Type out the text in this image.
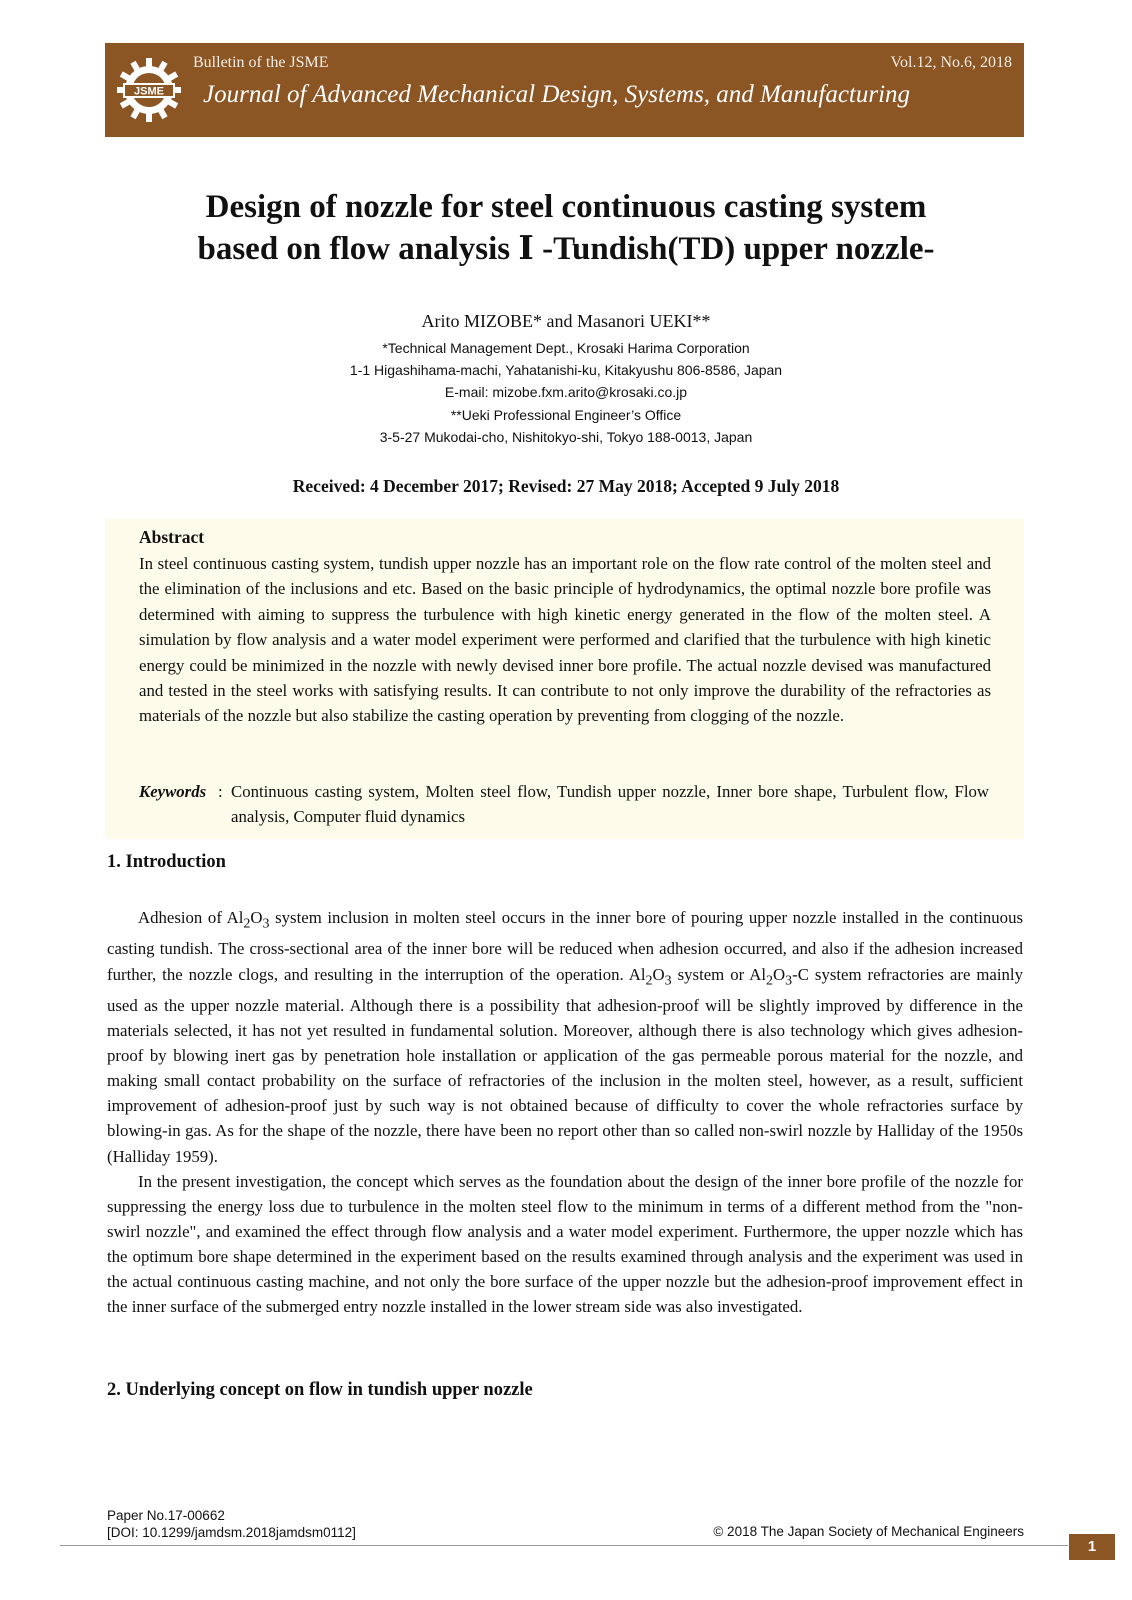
JSME
Bulletin of the JSME	Vol.12, No.6, 2018
Journal of Advanced Mechanical Design, Systems, and Manufacturing
Design of nozzle for steel continuous casting system
based on flow analysis Ⅰ -Tundish(TD) upper nozzle-
Arito MIZOBE* and Masanori UEKI**
*Technical Management Dept., Krosaki Harima Corporation
1-1 Higashihama-machi, Yahatanishi-ku, Kitakyushu 806-8586, Japan
E-mail: mizobe.fxm.arito@krosaki.co.jp
**Ueki Professional Engineer’s Office
3-5-27 Mukodai-cho, Nishitokyo-shi, Tokyo 188-0013, Japan
Received: 4 December 2017; Revised: 27 May 2018; Accepted 9 July 2018
Abstract

In steel continuous casting system, tundish upper nozzle has an important role on the flow rate control of the molten steel and the elimination of the inclusions and etc. Based on the basic principle of hydrodynamics, the optimal nozzle bore profile was determined with aiming to suppress the turbulence with high kinetic energy generated in the flow of the molten steel. A simulation by flow analysis and a water model experiment were performed and clarified that the turbulence with high kinetic energy could be minimized in the nozzle with newly devised inner bore profile. The actual nozzle devised was manufactured and tested in the steel works with satisfying results. It can contribute to not only improve the durability of the refractories as materials of the nozzle but also stabilize the casting operation by preventing from clogging of the nozzle.

Keywords : Continuous casting system, Molten steel flow, Tundish upper nozzle, Inner bore shape, Turbulent flow, Flow analysis, Computer fluid dynamics

1. Introduction

Adhesion of $Al_2O_3$ system inclusion in molten steel occurs in the inner bore of pouring upper nozzle installed in the continuous casting tundish. The cross-sectional area of the inner bore will be reduced when adhesion occurred, and also if the adhesion increased further, the nozzle clogs, and resulting in the interruption of the operation. $Al_2O_3$ system or $Al_2O_3-C$ system refractories are mainly used as the upper nozzle material. Although there is a possibility that adhesion-proof will be slightly improved by difference in the materials selected, it has not yet resulted in fundamental solution. Moreover, although there is also technology which gives adhesion-proof by blowing inert gas by penetration hole installation or application of the gas permeable porous material for the nozzle, and making small contact probability on the surface of refractories of the inclusion in the molten steel, however, as a result, sufficient improvement of adhesion-proof just by such way is not obtained because of difficulty to cover the whole refractories surface by blowing-in gas. As for the shape of the nozzle, there have been no report other than so called non-swirl nozzle by Halliday of the 1950s (Halliday 1959).

In the present investigation, the concept which serves as the foundation about the design of the inner bore profile of the nozzle for suppressing the energy loss due to turbulence in the molten steel flow to the minimum in terms of a different method from the "non-swirl nozzle", and examined the effect through flow analysis and a water model experiment. Furthermore, the upper nozzle which has the optimum bore shape determined in the experiment based on the results examined through analysis and the experiment was used in the actual continuous casting machine, and not only the bore surface of the upper nozzle but the adhesion-proof improvement effect in the inner surface of the submerged entry nozzle installed in the lower stream side was also investigated.

2. Underlying concept on flow in tundish upper nozzle
Paper No.17-00662
[DOI: 10.1299/jamdsm.2018jamdsm0112]	© 2018 The Japan Society of Mechanical Engineers
1
